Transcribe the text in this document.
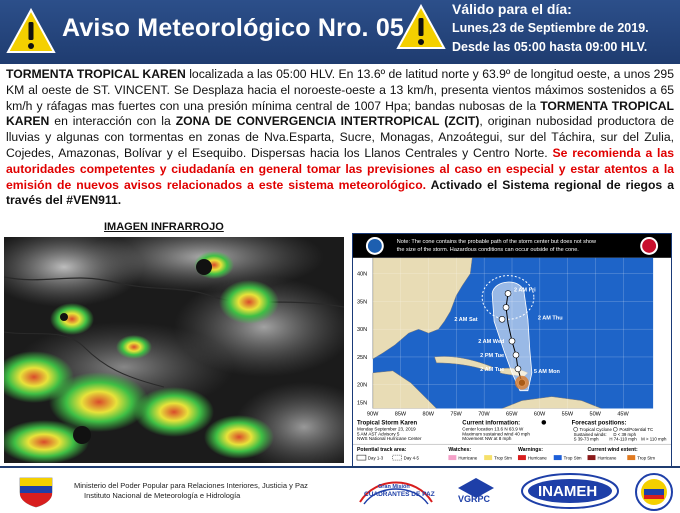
Aviso Meteorológico Nro. 05
Válido para el día:
Lunes,23 de Septiembre de 2019.
Desde las 05:00 hasta 09:00 HLV.
TORMENTA TROPICAL KAREN localizada a las 05:00 HLV. En 13.6º de latitud norte y 63.9º de longitud oeste, a unos 295 KM al oeste de ST. VINCENT. Se Desplaza hacia el noroeste-oeste a 13 km/h, presenta vientos máximos sostenidos a 65 km/h y ráfagas mas fuertes con una presión mínima central de 1007 Hpa; bandas nubosas de la TORMENTA TROPICAL KAREN en interacción con la ZONA DE CONVERGENCIA INTERTROPICAL (ZCIT), originan nubosidad productora de lluvias y algunas con tormentas en zonas de Nva.Esparta, Sucre, Monagas, Anzoátegui, sur del Táchira, sur del Zulia, Cojedes, Amazonas, Bolívar y el Esequibo. Dispersas hacia los Llanos Centrales y Centro Norte. Se recomienda a las autoridades competentes y ciudadanía en general tomar las previsiones al caso en especial y estar atentos a la emisión de nuevos avisos relacionados a este sistema meteorológico. Activado el Sistema regional de riegos a través del #VEN911.
IMAGEN INFRARROJO
Note: The cone contains the probable path of the storm center but does not show
the size of the storm. Hazardous conditions can occur outside of the cone.
40N
35N
30N
25N
20N
15N
90W	85W	80W	75W	70W	65W	60W	55W	50W	45W
2 AM Fri
2 AM Thu
2 AM Sat
2 AM Wed
2 PM Tue
2 AM Tue	5 AM Mon
Tropical Storm Karen
Monday September 23, 2019
5 AM AST Advisory 5
NWS National Hurricane Center
Current information:
Center location 13.6 N 63.9 W
Maximum sustained wind 40 mph
Movement NW at 8 mph
Forecast positions:
Tropical Cyclone Post/Potential TC
Sustained winds: D < 39 mph
S 39-73 mph H 74-110 mph M > 110 mph
Potential track area:
Day 1-3	Day 4-5
Watches:
Hurricane	Trop Stm
Warnings:
Hurricane	Trop Stm
Current wind extent:
Hurricane	Trop Stm
Ministerio del Poder Popular para Relaciones Interiores, Justicia y Paz
Instituto Nacional de Meteorología e Hidrología
Gran Misión
CUADRANTES DE PAZ	VGRPC	INAMEH
